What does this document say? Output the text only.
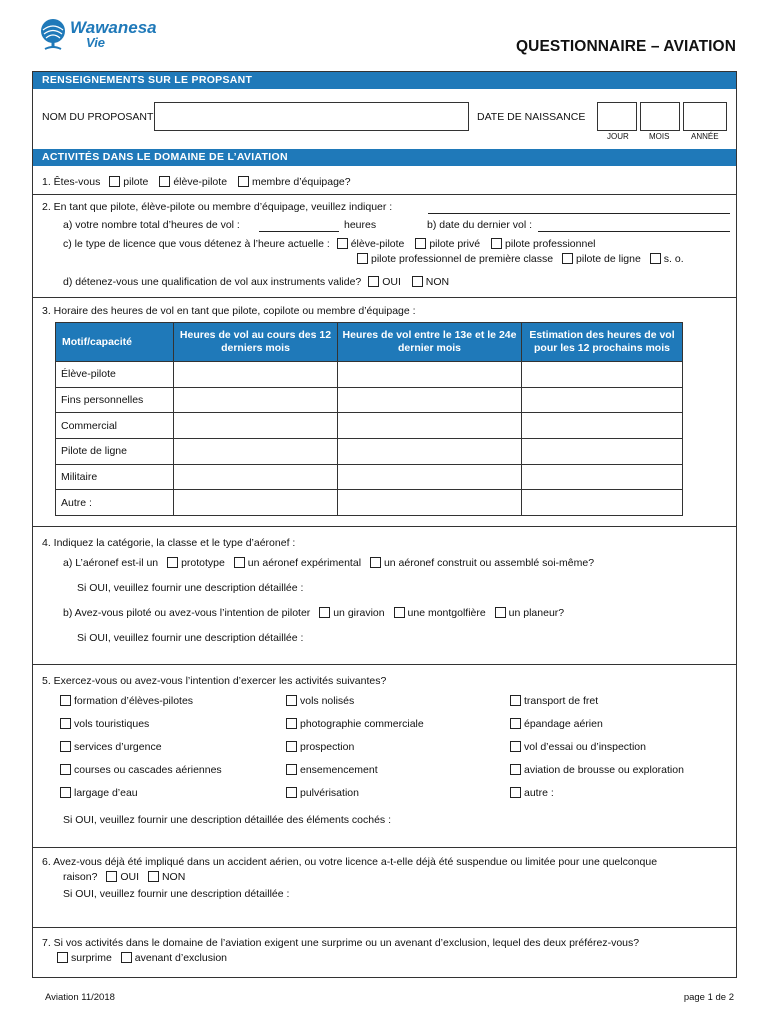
Wawanesa
Vie	QUESTIONNAIRE – AVIATION
RENSEIGNEMENTS SUR LE PROPSANT
NOM DU PROPOSANT	DATE DE NAISSANCE
JOUR	MOIS	ANNÉE
ACTIVITÉS DANS LE DOMAINE DE L’AVIATION
1. Êtes-vous pilote élève-pilote membre d’équipage?
2. En tant que pilote, élève-pilote ou membre d’équipage, veuillez indiquer :
a) votre nombre total d’heures de vol :	heures	b) date du dernier vol :
c) le type de licence que vous détenez à l’heure actuelle : élève-pilote pilote privé pilote professionnel
pilote professionnel de première classe pilote de ligne s. o.
d) détenez-vous une qualification de vol aux instruments valide? OUI NON
3. Horaire des heures de vol en tant que pilote, copilote ou membre d’équipage :
Motif/capacité	Heures de vol au cours des 12 derniers mois	Heures de vol entre le 13e et le 24e dernier mois	Estimation des heures de vol pour les 12 prochains mois
Élève-pilote			
Fins personnelles			
Commercial			
Pilote de ligne			
Militaire			
Autre :			
4. Indiquez la catégorie, la classe et le type d’aéronef :
a) L’aéronef est-il un prototype un aéronef expérimental un aéronef construit ou assemblé soi-même?
Si OUI, veuillez fournir une description détaillée :
b) Avez-vous piloté ou avez-vous l’intention de piloter un giravion une montgolfière un planeur?
Si OUI, veuillez fournir une description détaillée :
5. Exercez-vous ou avez-vous l’intention d’exercer les activités suivantes?
formation d’élèves-pilotes
vols touristiques
services d’urgence
courses ou cascades aériennes
largage d’eau
vols nolisés
photographie commerciale
prospection
ensemencement
pulvérisation
transport de fret
épandage aérien
vol d’essai ou d’inspection
aviation de brousse ou exploration
autre :
Si OUI, veuillez fournir une description détaillée des éléments cochés :
6. Avez-vous déjà été impliqué dans un accident aérien, ou votre licence a-t-elle déjà été suspendue ou limitée pour une quelconque
raison? OUI NON
Si OUI, veuillez fournir une description détaillée :
7. Si vos activités dans le domaine de l’aviation exigent une surprime ou un avenant d’exclusion, lequel des deux préférez-vous?
surprime avenant d’exclusion
Aviation 11/2018	page 1 de 2
